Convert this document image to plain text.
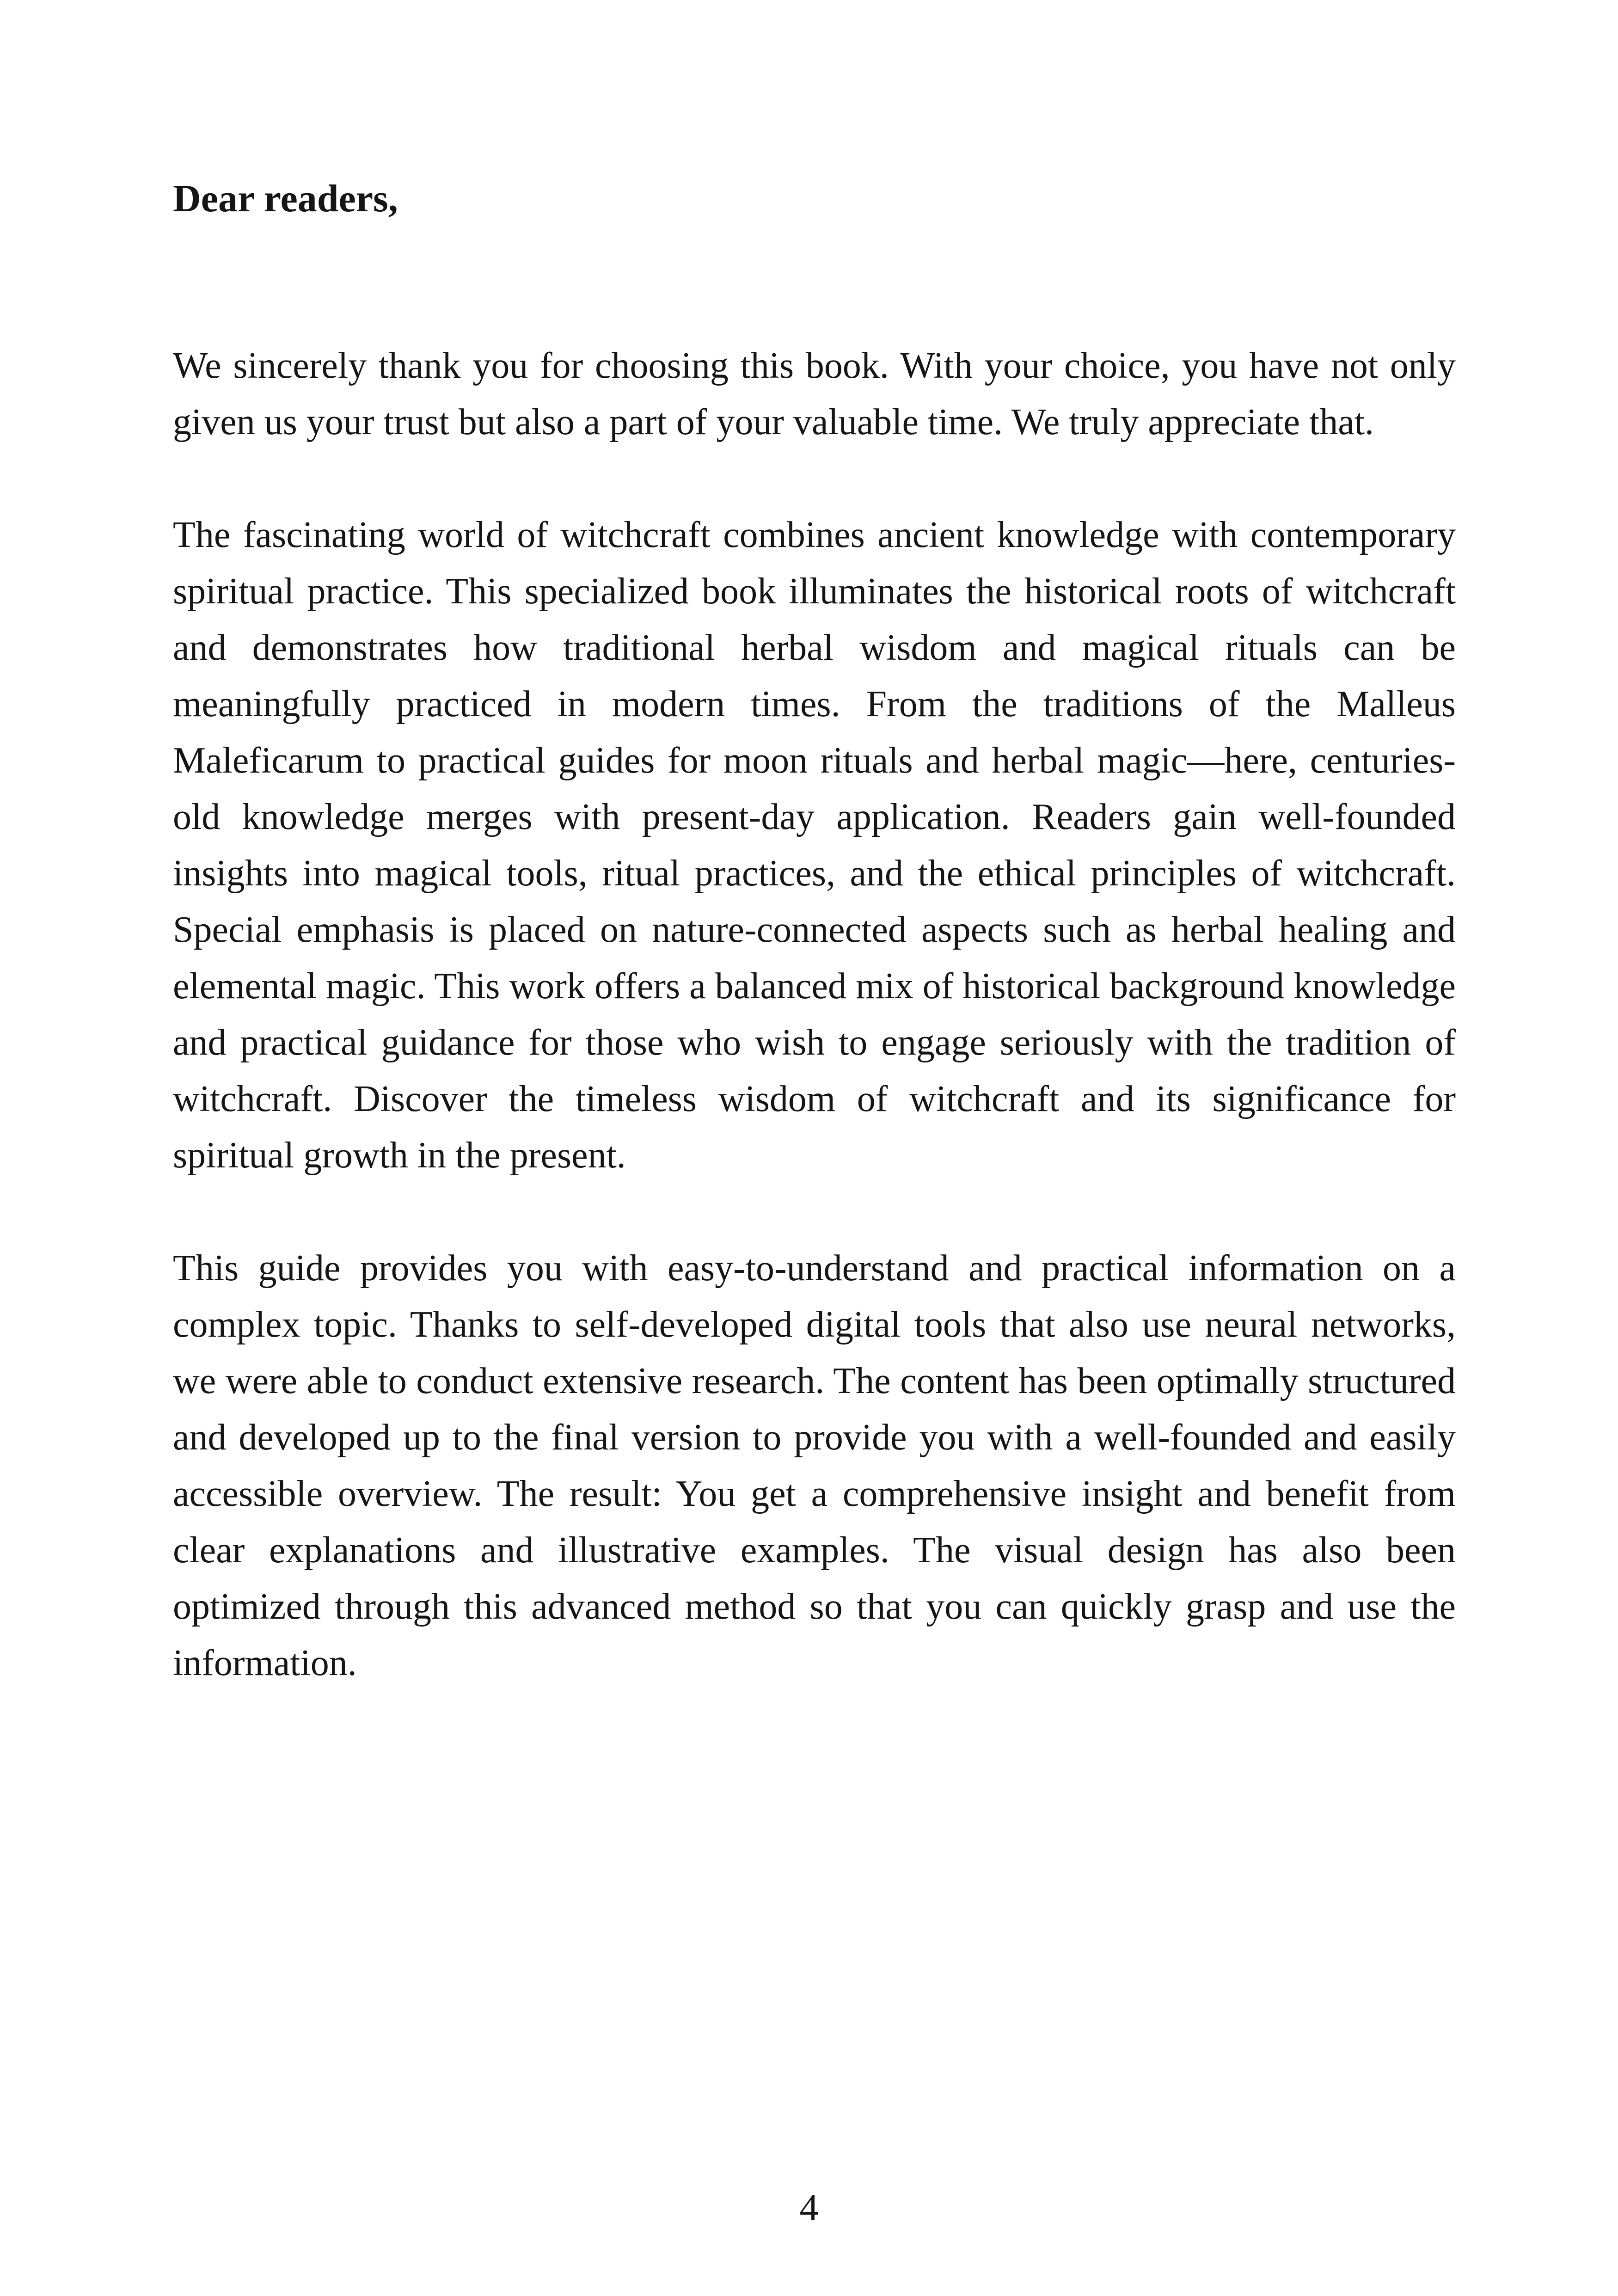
Dear readers,

We sincerely thank you for choosing this book. With your choice, you have not only given us your trust but also a part of your valuable time. We truly appreciate that.

The fascinating world of witchcraft combines ancient knowledge with contemporary spiritual practice. This specialized book illuminates the historical roots of witchcraft and demonstrates how traditional herbal wisdom and magical rituals can be meaningfully practiced in modern times. From the traditions of the Malleus Maleficarum to practical guides for moon rituals and herbal magic—here, centuries-old knowledge merges with present-day application. Readers gain well-founded insights into magical tools, ritual practices, and the ethical principles of witchcraft. Special emphasis is placed on nature-connected aspects such as herbal healing and elemental magic. This work offers a balanced mix of historical background knowledge and practical guidance for those who wish to engage seriously with the tradition of witchcraft. Discover the timeless wisdom of witchcraft and its significance for spiritual growth in the present.

This guide provides you with easy-to-understand and practical information on a complex topic. Thanks to self-developed digital tools that also use neural networks, we were able to conduct extensive research. The content has been optimally structured and developed up to the final version to provide you with a well-founded and easily accessible overview. The result: You get a comprehensive insight and benefit from clear explanations and illustrative examples. The visual design has also been optimized through this advanced method so that you can quickly grasp and use the information.

4
